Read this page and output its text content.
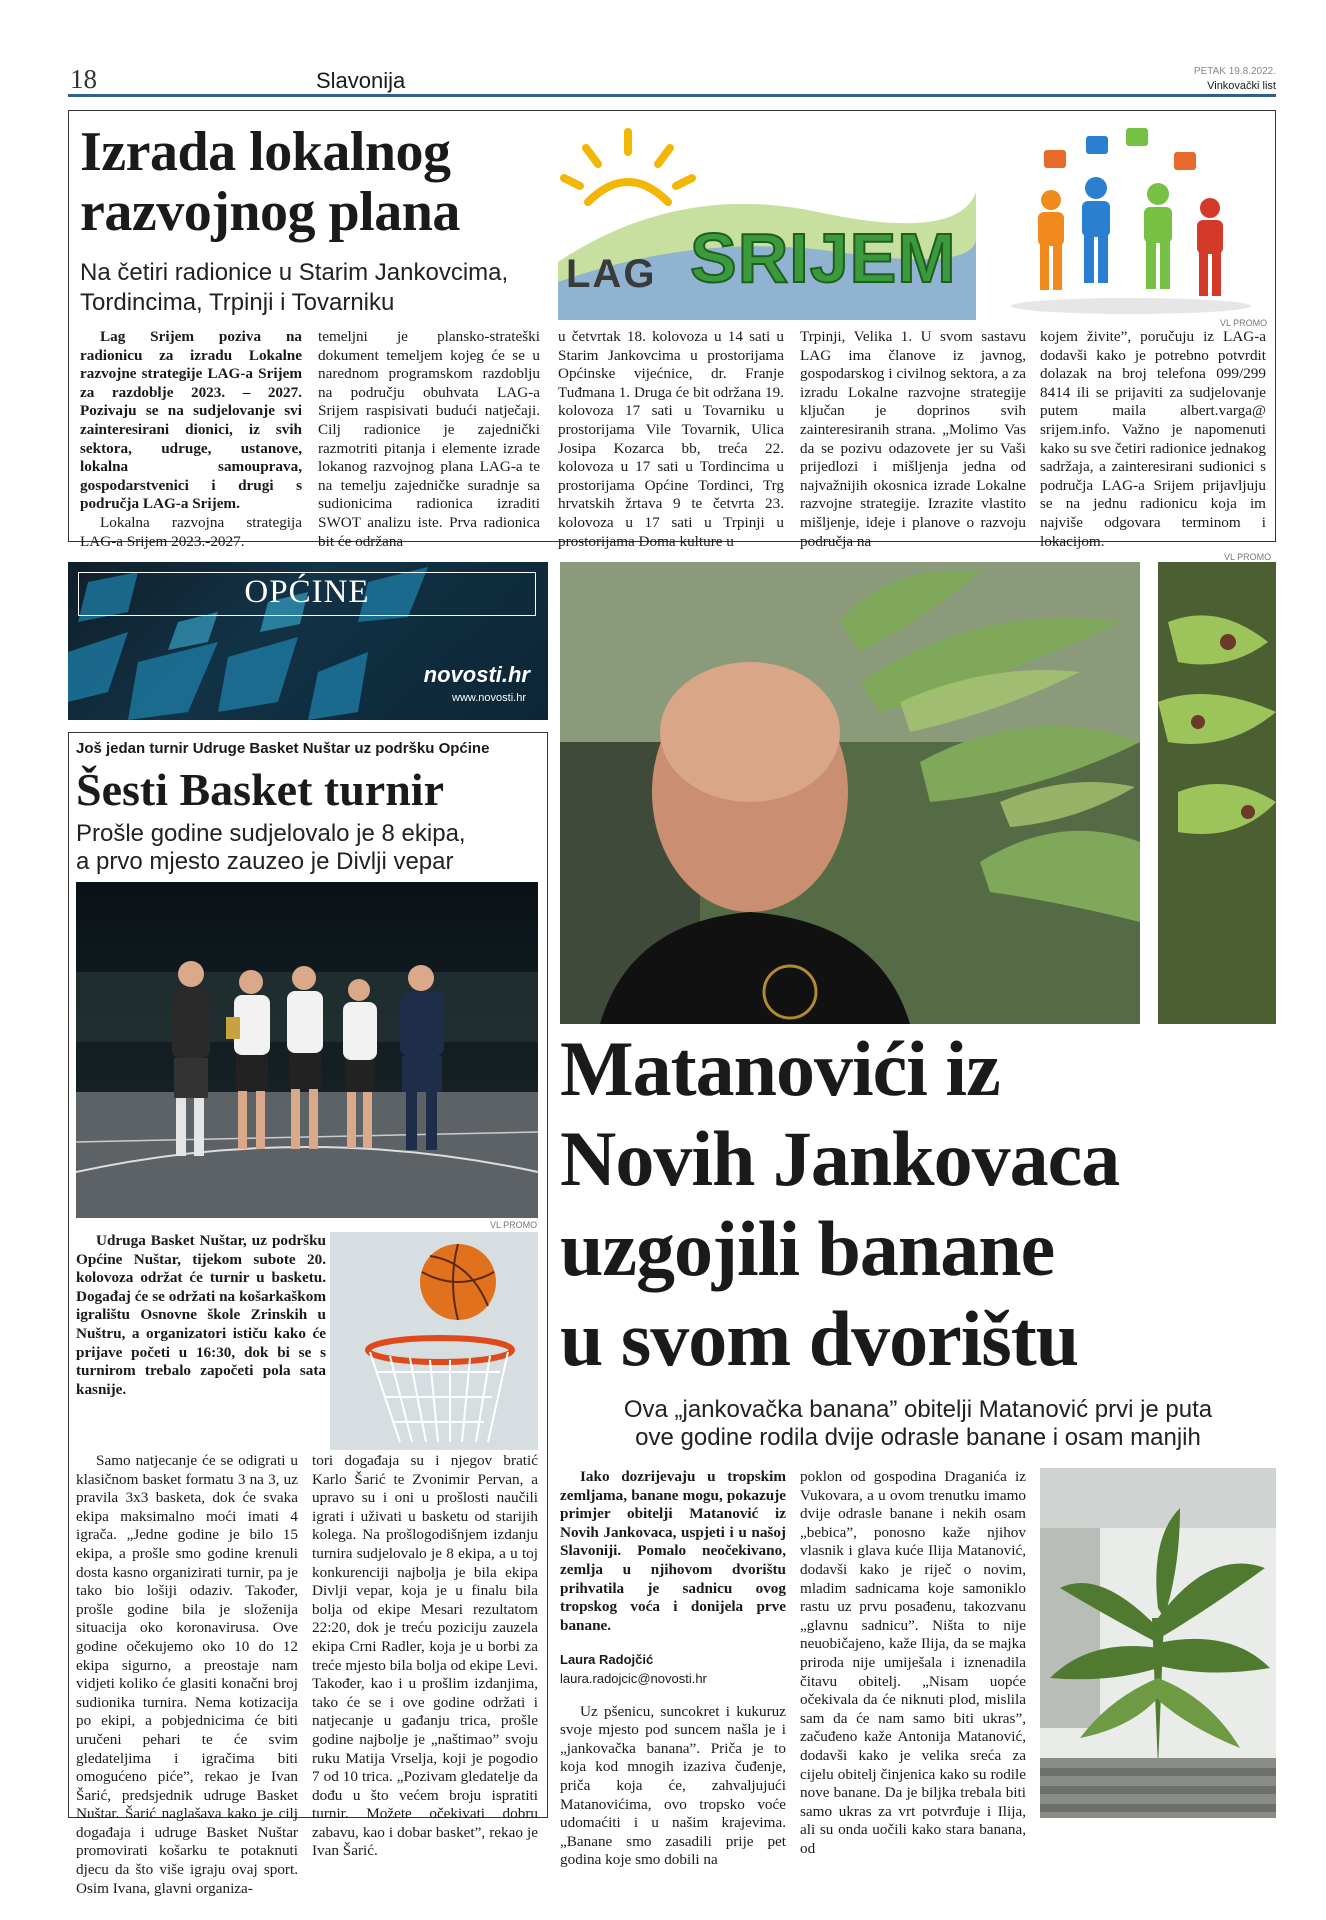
18	Slavonija	PETAK 19.8.2022.
Vinkovački list
Izrada lokalnog
razvojnog plana
Na četiri radionice u Starim Jankovcima,
Tordincima, Trpinji i Tovarniku
LAG SRIJEM
VL PROMO

Lag Srijem poziva na radionicu za izradu Lokalne razvojne strategije LAG-a Srijem za razdoblje 2023. – 2027. Pozivaju se na sudjelovanje svi zainteresirani dionici, iz svih sektora, udruge, ustanove, lokalna samouprava, gospodarstvenici i drugi s područja LAG-a Srijem.

Lokalna razvojna strategija LAG-a Srijem 2023.-2027.

temeljni je plansko-strateški dokument temeljem kojeg će se u narednom programskom razdoblju na području obuhvata LAG-a Srijem raspisivati budući natječaji. Cilj radionice je zajednički razmotriti pitanja i elemente izrade lokanog razvojnog plana LAG-a te na temelju zajedničke suradnje sa sudionicima radionica izraditi SWOT analizu iste. Prva radionica bit će održana

u četvrtak 18. kolovoza u 14 sati u Starim Jankovcima u prostorijama Općinske vijećnice, dr. Franje Tuđmana 1. Druga će bit održana 19. kolovoza 17 sati u Tovarniku u prostorijama Vile Tovarnik, Ulica Josipa Kozarca bb, treća 22. kolovoza u 17 sati u Tordincima u prostorijama Općine Tordinci, Trg hrvatskih žrtava 9 te četvrta 23. kolovoza u 17 sati u Trpinji u prostorijama Doma kulture u

Trpinji, Velika 1. U svom sastavu LAG ima članove iz javnog, gospodarskog i civilnog sektora, a za izradu Lokalne razvojne strategije ključan je doprinos svih zainteresiranih strana. „Molimo Vas da se pozivu odazovete jer su Vaši prijedlozi i mišljenja jedna od najvažnijih okosnica izrade Lokalne razvojne strategije. Izrazite vlastito mišljenje, ideje i planove o razvoju područja na

kojem živite”, poručuju iz LAG-a dodavši kako je potrebno potvrdit dolazak na broj telefona 099/299 8414 ili se prijaviti za sudjelovanje putem maila albert.varga@ srijem.info. Važno je napomenuti kako su sve četiri radionice jednakog sadržaja, a zainteresirani sudionici s područja LAG-a Srijem prijavljuju se na jednu radionicu koja im najviše odgovara terminom i lokacijom.

OPĆINE
novosti.hr
www.novosti.hr
Još jedan turnir Udruge Basket Nuštar uz podršku Općine
Šesti Basket turnir
Prošle godine sudjelovalo je 8 ekipa,
a prvo mjesto zauzeo je Divlji vepar
VL PROMO

Udruga Basket Nuštar, uz podršku Općine Nuštar, tijekom subote 20. kolovoza održat će turnir u basketu. Događaj će se održati na košarkaškom igralištu Osnovne škole Zrinskih u Nuštru, a organizatori ističu kako će prijave početi u 16:30, dok bi se s turnirom trebalo započeti pola sata kasnije.

Samo natjecanje će se odigrati u klasičnom basket formatu 3 na 3, uz pravila 3x3 basketa, dok će svaka ekipa maksimalno moći imati 4 igrača. „Jedne godine je bilo 15 ekipa, a prošle smo godine krenuli dosta kasno organizirati turnir, pa je tako bio lošiji odaziv. Također, prošle godine bila je složenija situacija oko koronavirusa. Ove godine očekujemo oko 10 do 12 ekipa sigurno, a preostaje nam vidjeti koliko će glasiti konačni broj sudionika turnira. Nema kotizacija po ekipi, a pobjednicima će biti uručeni pehari te će svim gledateljima i igračima biti omogućeno piće”, rekao je Ivan Šarić, predsjednik udruge Basket Nuštar. Šarić naglašava kako je cilj događaja i udruge Basket Nuštar promovirati košarku te potaknuti djecu da što više igraju ovaj sport. Osim Ivana, glavni organiza-

tori događaja su i njegov bratić Karlo Šarić te Zvonimir Pervan, a upravo su i oni u prošlosti naučili igrati i uživati u basketu od starijih kolega. Na prošlogodišnjem izdanju turnira sudjelovalo je 8 ekipa, a u toj konkurenciji najbolja je bila ekipa Divlji vepar, koja je u finalu bila bolja od ekipe Mesari rezultatom 22:20, dok je treću poziciju zauzela ekipa Crni Radler, koja je u borbi za treće mjesto bila bolja od ekipe Levi. Također, kao i u prošlim izdanjima, tako će se i ove godine održati i natjecanje u gađanju trica, prošle godine najbolje je „naštimao” svoju ruku Matija Vrselja, koji je pogodio 7 od 10 trica. „Pozivam gledatelje da dođu u što većem broju ispratiti turnir. Možete očekivati dobru zabavu, kao i dobar basket”, rekao je Ivan Šarić.

VL PROMO
Matanovići iz
Novih Jankovaca
uzgojili banane
u svom dvorištu
Ova „jankovačka banana” obitelji Matanović prvi je puta
ove godine rodila dvije odrasle banane i osam manjih

Iako dozrijevaju u tropskim zemljama, banane mogu, pokazuje primjer obitelji Matanović iz Novih Jankovaca, uspjeti i u našoj Slavoniji. Pomalo neočekivano, zemlja u njihovom dvorištu prihvatila je sadnicu ovog tropskog voća i donijela prve banane.

Laura Radojčić
laura.radojcic@novosti.hr

Uz pšenicu, suncokret i kukuruz svoje mjesto pod suncem našla je i „jankovačka banana”. Priča je to koja kod mnogih izaziva čuđenje, priča koja će, zahvaljujući Matanovićima, ovo tropsko voće udomaćiti i u našim krajevima. „Banane smo zasadili prije pet godina koje smo dobili na

poklon od gospodina Draganića iz Vukovara, a u ovom trenutku imamo dvije odrasle banane i nekih osam „bebica”, ponosno kaže njihov vlasnik i glava kuće Ilija Matanović, dodavši kako je riječ o novim, mladim sadnicama koje samoniklo rastu uz prvu posađenu, takozvanu „glavnu sadnicu”. Ništa to nije neuobičajeno, kaže Ilija, da se majka priroda nije umiješala i iznenadila čitavu obitelj. „Nisam uopće očekivala da će niknuti plod, mislila sam da će nam samo biti ukras”, začuđeno kaže Antonija Matanović, dodavši kako je velika sreća za cijelu obitelj činjenica kako su rodile nove banane. Da je biljka trebala biti samo ukras za vrt potvrđuje i Ilija, ali su onda uočili kako stara banana, od
